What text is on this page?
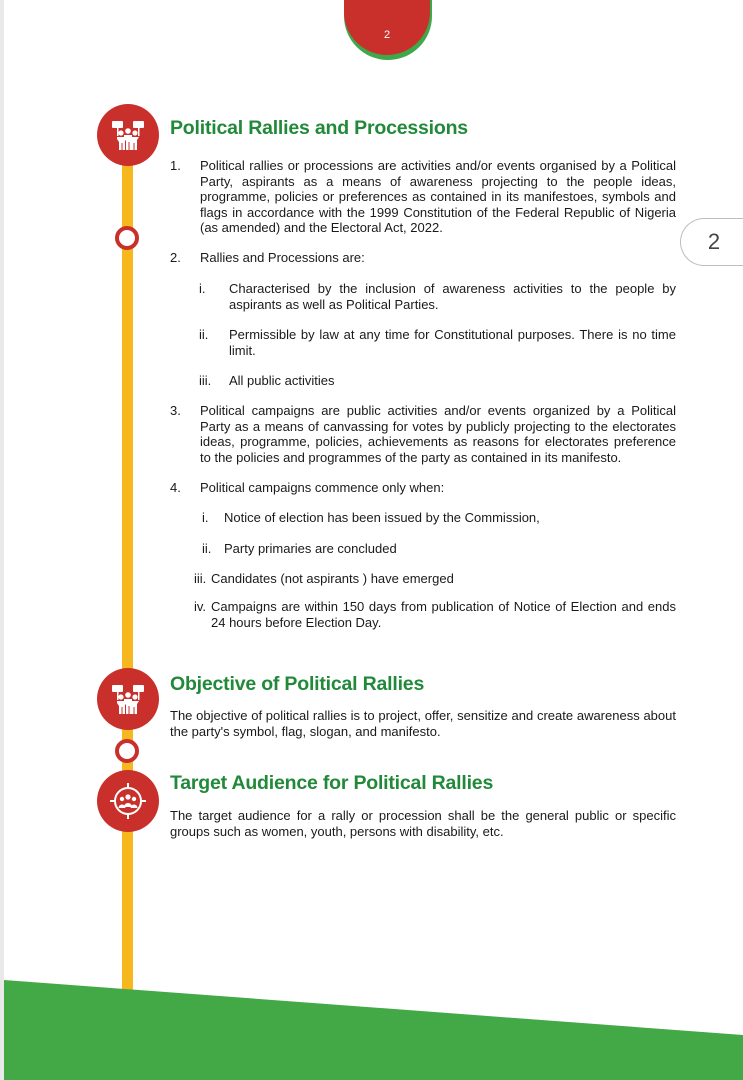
2
2
Political Rallies and Processions
1. Political rallies or processions are activities and/or events organised by a Political Party, aspirants as a means of awareness projecting to the people ideas, programme, policies or preferences as contained in its manifestoes, symbols and flags in accordance with the 1999 Constitution of the Federal Republic of Nigeria (as amended) and the Electoral Act, 2022.

2. Rallies and Processions are:

i. Characterised by the inclusion of awareness activities to the people by aspirants as well as Political Parties.

ii. Permissible by law at any time for Constitutional purposes. There is no time limit.

iii. All public activities

3. Political campaigns are public activities and/or events organized by a Political Party as a means of canvassing for votes by publicly projecting to the electorates ideas, programme, policies, achievements as reasons for electorates preference to the policies and programmes of the party as contained in its manifesto.

4. Political campaigns commence only when:

i. Notice of election has been issued by the Commission,

ii. Party primaries are concluded

iii. Candidates (not aspirants ) have emerged

iv. Campaigns are within 150 days from publication of Notice of Election and ends 24 hours before Election Day.

Objective of Political Rallies

The objective of political rallies is to project, offer, sensitize and create awareness about the party's symbol, flag, slogan, and manifesto.

Target Audience for Political Rallies

The target audience for a rally or procession shall be the general public or specific groups such as women, youth, persons with disability, etc.
